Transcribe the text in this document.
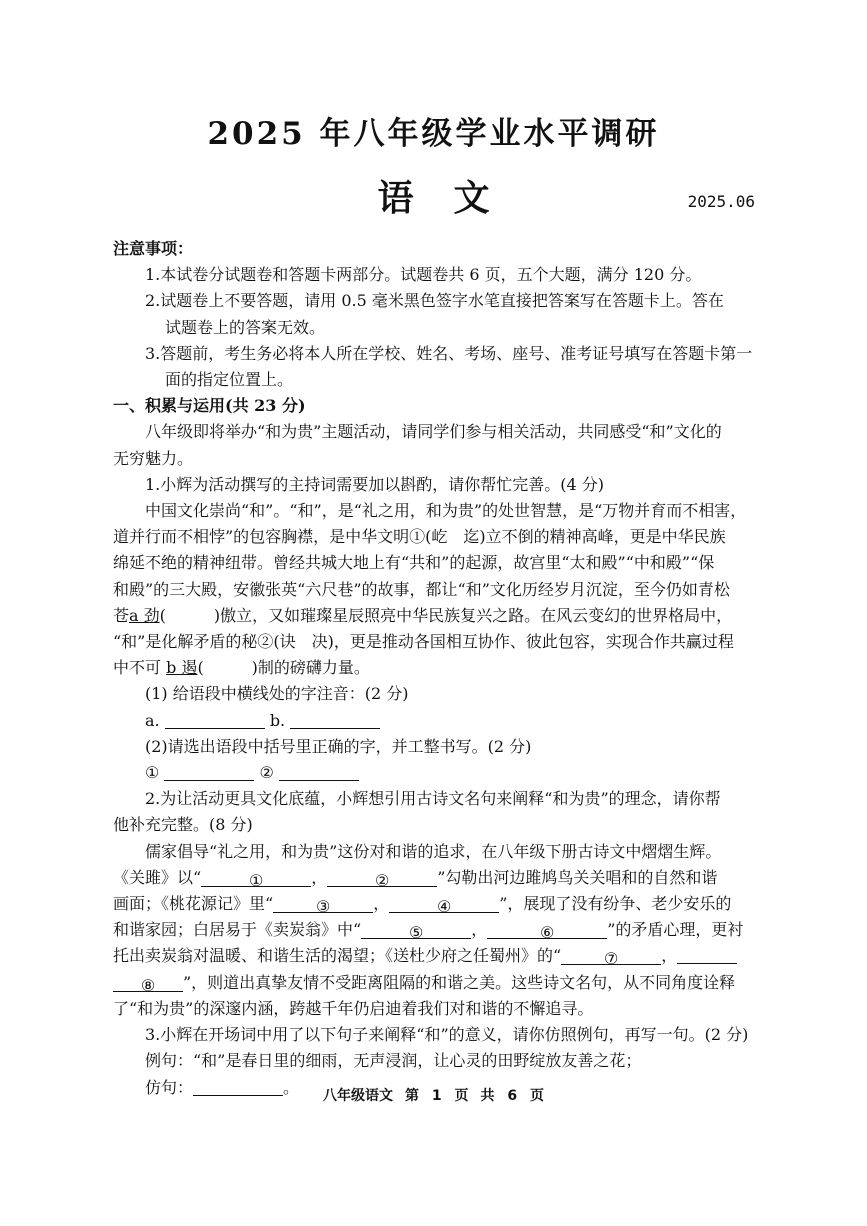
2025 年八年级学业水平调研
语文	2025.06
注意事项：
1.本试卷分试题卷和答题卡两部分。试题卷共 6 页，五个大题，满分 120 分。
2.试题卷上不要答题，请用 0.5 毫米黑色签字水笔直接把答案写在答题卡上。答在
试题卷上的答案无效。
3.答题前，考生务必将本人所在学校、姓名、考场、座号、准考证号填写在答题卡第一
面的指定位置上。
一、积累与运用(共 23 分)
八年级即将举办“和为贵”主题活动，请同学们参与相关活动，共同感受“和”文化的
无穷魅力。
1.小辉为活动撰写的主持词需要加以斟酌，请你帮忙完善。(4 分)
中国文化崇尚“和”。“和”，是“礼之用，和为贵”的处世智慧，是“万物并育而不相害，
道并行而不相悖”的包容胸襟，是中华文明①(屹　迄)立不倒的精神高峰，更是中华民族
绵延不绝的精神纽带。曾经共城大地上有“共和”的起源，故宫里“太和殿”“中和殿”“保
和殿”的三大殿，安徽张英“六尺巷”的故事，都让“和”文化历经岁月沉淀，至今仍如青松
苍a 劲(　　　)傲立，又如璀璨星辰照亮中华民族复兴之路。在风云变幻的世界格局中，
“和”是化解矛盾的秘②(诀　决)，更是推动各国相互协作、彼此包容，实现合作共赢过程
中不可 b 遏(　　　)制的磅礴力量。
(1) 给语段中横线处的字注音：(2 分)
a.	b.
(2)请选出语段中括号里正确的字，并工整书写。(2 分)
①	②
2.为让活动更具文化底蕴，小辉想引用古诗文名句来阐释“和为贵”的理念，请你帮
他补充完整。(8 分)
儒家倡导“礼之用，和为贵”这份对和谐的追求，在八年级下册古诗文中熠熠生辉。
《关雎》以“	①	，	②	”勾勒出河边雎鸠鸟关关唱和的自然和谐
画面；《桃花源记》里“	③	，	④	”，展现了没有纷争、老少安乐的
和谐家园；白居易于《卖炭翁》中“	⑤	，	⑥	”的矛盾心理，更衬
托出卖炭翁对温暖、和谐生活的渴望；《送杜少府之任蜀州》的“	⑦	，
⑧ ”，则道出真挚友情不受距离阻隔的和谐之美。这些诗文名句，从不同角度诠释
了“和为贵”的深邃内涵，跨越千年仍启迪着我们对和谐的不懈追寻。
3.小辉在开场词中用了以下句子来阐释“和”的意义，请你仿照例句，再写一句。(2 分)
例句：“和”是春日里的细雨，无声浸润，让心灵的田野绽放友善之花；
仿句：	。	八年级语文 第 1 页 共 6 页
